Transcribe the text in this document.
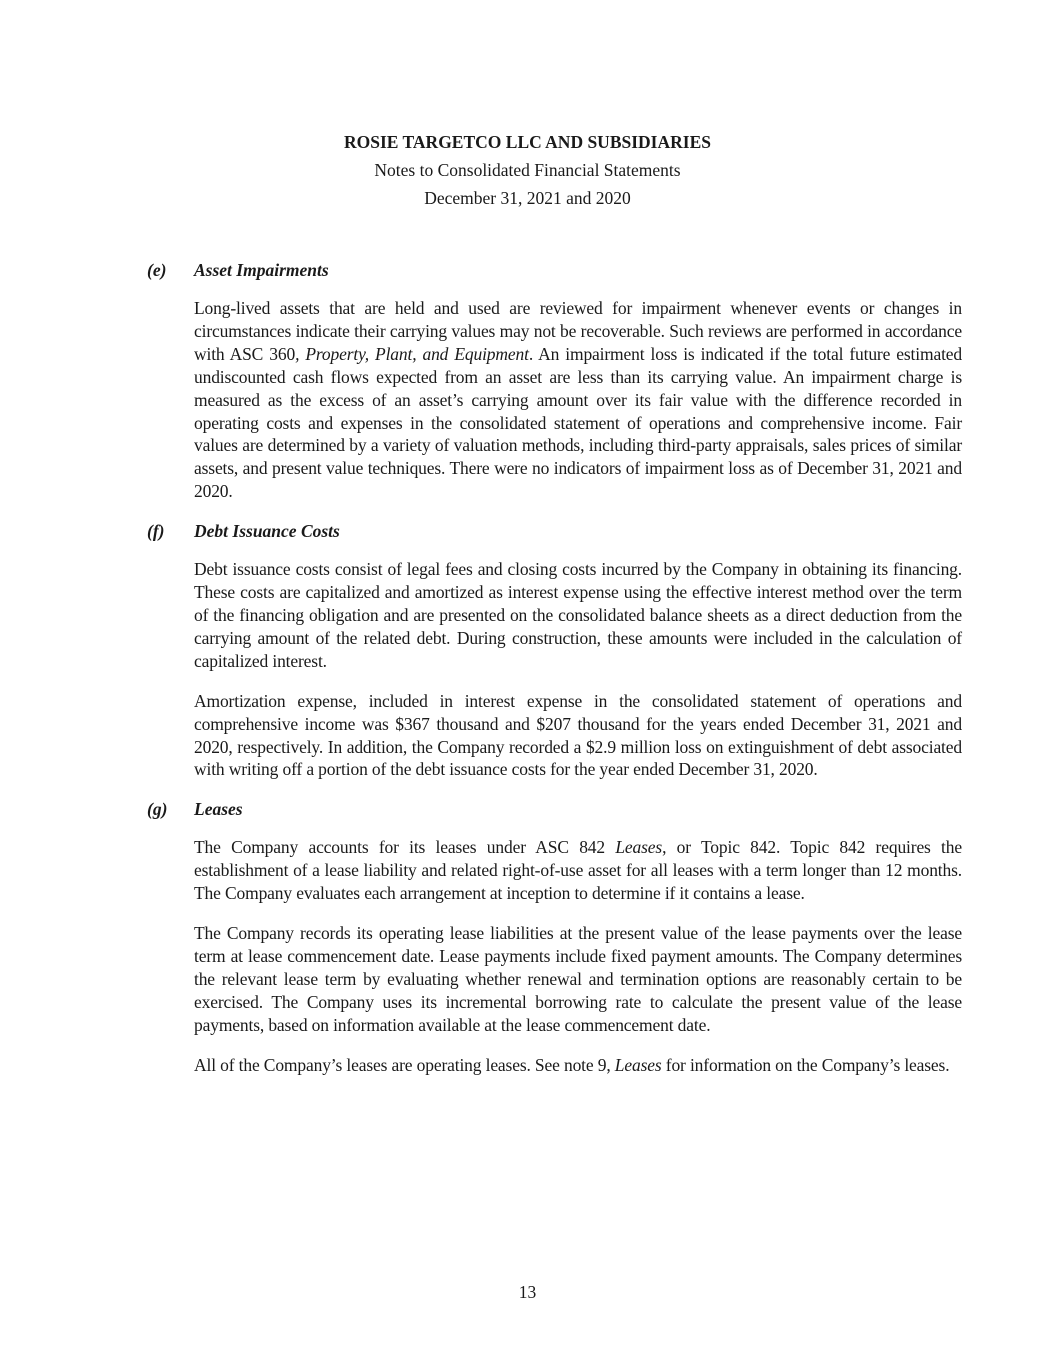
ROSIE TARGETCO LLC AND SUBSIDIARIES

Notes to Consolidated Financial Statements

December 31, 2021 and 2020

(e)	Asset Impairments

Long-lived assets that are held and used are reviewed for impairment whenever events or changes in circumstances indicate their carrying values may not be recoverable. Such reviews are performed in accordance with ASC 360, Property, Plant, and Equipment. An impairment loss is indicated if the total future estimated undiscounted cash flows expected from an asset are less than its carrying value. An impairment charge is measured as the excess of an asset’s carrying amount over its fair value with the difference recorded in operating costs and expenses in the consolidated statement of operations and comprehensive income. Fair values are determined by a variety of valuation methods, including third-party appraisals, sales prices of similar assets, and present value techniques. There were no indicators of impairment loss as of December 31, 2021 and 2020.

(f)	Debt Issuance Costs

Debt issuance costs consist of legal fees and closing costs incurred by the Company in obtaining its financing. These costs are capitalized and amortized as interest expense using the effective interest method over the term of the financing obligation and are presented on the consolidated balance sheets as a direct deduction from the carrying amount of the related debt. During construction, these amounts were included in the calculation of capitalized interest.

Amortization expense, included in interest expense in the consolidated statement of operations and comprehensive income was $367 thousand and $207 thousand for the years ended December 31, 2021 and 2020, respectively. In addition, the Company recorded a $2.9 million loss on extinguishment of debt associated with writing off a portion of the debt issuance costs for the year ended December 31, 2020.

(g)	Leases

The Company accounts for its leases under ASC 842 Leases, or Topic 842. Topic 842 requires the establishment of a lease liability and related right-of-use asset for all leases with a term longer than 12 months. The Company evaluates each arrangement at inception to determine if it contains a lease.

The Company records its operating lease liabilities at the present value of the lease payments over the lease term at lease commencement date. Lease payments include fixed payment amounts. The Company determines the relevant lease term by evaluating whether renewal and termination options are reasonably certain to be exercised. The Company uses its incremental borrowing rate to calculate the present value of the lease payments, based on information available at the lease commencement date.

All of the Company’s leases are operating leases. See note 9, Leases for information on the Company’s leases.

13
